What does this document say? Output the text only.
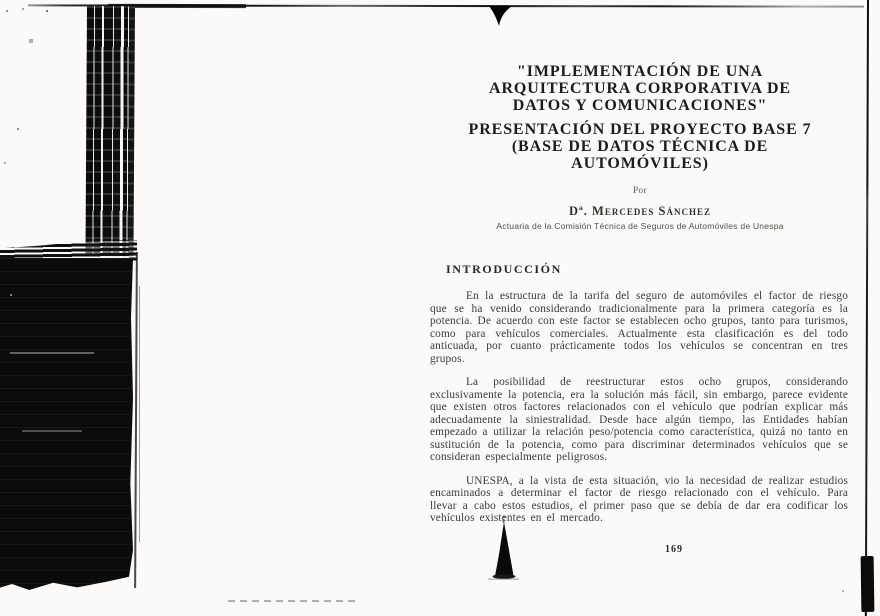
"IMPLEMENTACIÓN DE UNA
ARQUITECTURA CORPORATIVA DE
DATOS Y COMUNICACIONES"
PRESENTACIÓN DEL PROYECTO BASE 7
(BASE DE DATOS TÉCNICA DE
AUTOMÓVILES)
Por
Dª. Mercedes Sánchez
Actuaria de la Comisión Técnica de Seguros de Automóviles de Unespa
INTRODUCCIÓN

En la estructura de la tarifa del seguro de automóviles el factor de riesgo que se ha venido considerando tradicionalmente para la primera categoría es la potencia. De acuerdo con este factor se establecen ocho grupos, tanto para turismos, como para vehículos comerciales. Actualmente esta clasificación es del todo anticuada, por cuanto prácticamente todos los vehículos se concentran en tres grupos.

La posibilidad de reestructurar estos ocho grupos, considerando exclusivamente la potencia, era la solución más fácil, sin embargo, parece evidente que existen otros factores relacionados con el vehículo que podrían explicar más adecuadamente la siniestralidad. Desde hace algún tiempo, las Entidades habían empezado a utilizar la relación peso/potencia como característica, quizá no tanto en sustitución de la potencia, como para discriminar determinados vehículos que se consideran especialmente peligrosos.

UNESPA, a la vista de esta situación, vio la necesidad de realizar estudios encaminados a determinar el factor de riesgo relacionado con el vehículo. Para llevar a cabo estos estudios, el primer paso que se debía de dar era codificar los vehículos existentes en el mercado.

169
